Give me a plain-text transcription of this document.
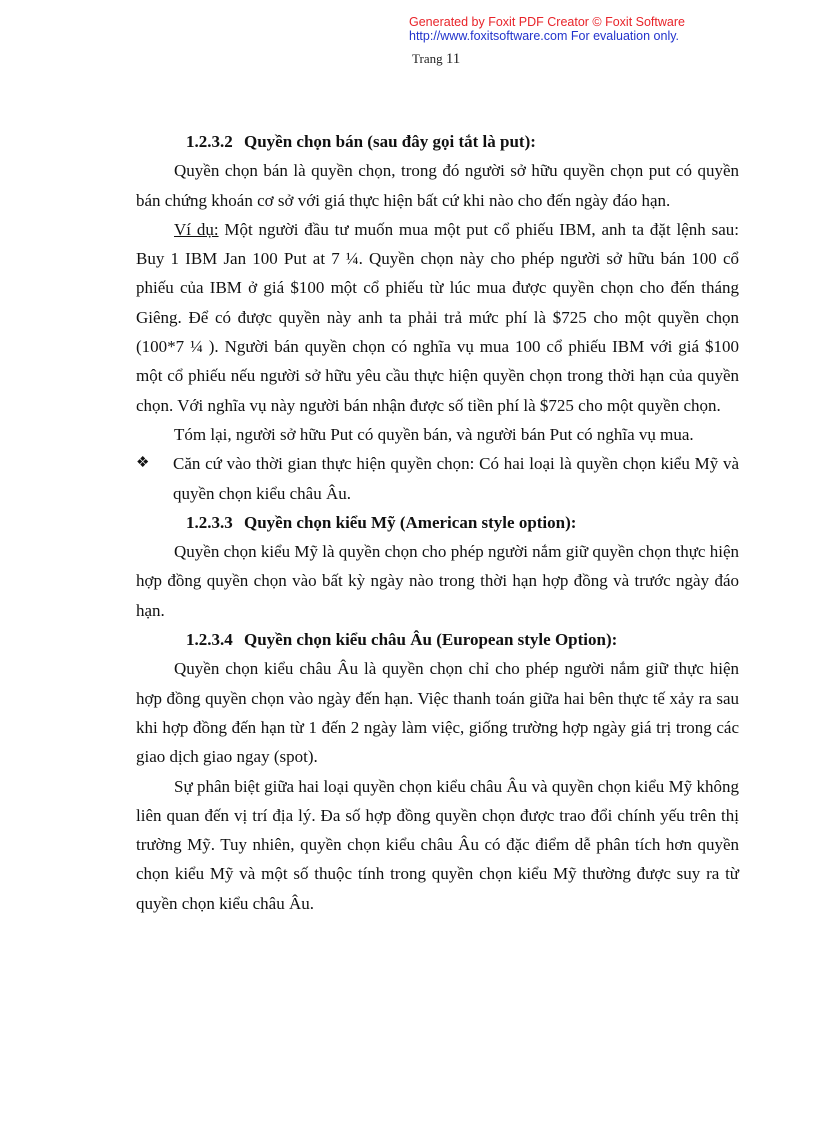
Generated by Foxit PDF Creator © Foxit Software
http://www.foxitsoftware.com For evaluation only.
Trang 11

1.2.3.2 Quyền chọn bán (sau đây gọi tắt là put):

Quyền chọn bán là quyền chọn, trong đó người sở hữu quyền chọn put có quyền bán chứng khoán cơ sở với giá thực hiện bất cứ khi nào cho đến ngày đáo hạn.

Ví dụ: Một người đầu tư muốn mua một put cổ phiếu IBM, anh ta đặt lệnh sau: Buy 1 IBM Jan 100 Put at 7 ¼. Quyền chọn này cho phép người sở hữu bán 100 cổ phiếu của IBM ở giá $100 một cổ phiếu từ lúc mua được quyền chọn cho đến tháng Giêng. Để có được quyền này anh ta phải trả mức phí là $725 cho một quyền chọn (100*7 ¼ ). Người bán quyền chọn có nghĩa vụ mua 100 cổ phiếu IBM với giá $100 một cổ phiếu nếu người sở hữu yêu cầu thực hiện quyền chọn trong thời hạn của quyền chọn. Với nghĩa vụ này người bán nhận được số tiền phí là $725 cho một quyền chọn.

Tóm lại, người sở hữu Put có quyền bán, và người bán Put có nghĩa vụ mua.

❖ Căn cứ vào thời gian thực hiện quyền chọn: Có hai loại là quyền chọn kiểu Mỹ và quyền chọn kiểu châu Âu.

1.2.3.3 Quyền chọn kiểu Mỹ (American style option):

Quyền chọn kiểu Mỹ là quyền chọn cho phép người nắm giữ quyền chọn thực hiện hợp đồng quyền chọn vào bất kỳ ngày nào trong thời hạn hợp đồng và trước ngày đáo hạn.

1.2.3.4 Quyền chọn kiểu châu Âu (European style Option):

Quyền chọn kiểu châu Âu là quyền chọn chỉ cho phép người nắm giữ thực hiện hợp đồng quyền chọn vào ngày đến hạn. Việc thanh toán giữa hai bên thực tế xảy ra sau khi hợp đồng đến hạn từ 1 đến 2 ngày làm việc, giống trường hợp ngày giá trị trong các giao dịch giao ngay (spot).

Sự phân biệt giữa hai loại quyền chọn kiểu châu Âu và quyền chọn kiểu Mỹ không liên quan đến vị trí địa lý. Đa số hợp đồng quyền chọn được trao đổi chính yếu trên thị trường Mỹ. Tuy nhiên, quyền chọn kiểu châu Âu có đặc điểm dễ phân tích hơn quyền chọn kiểu Mỹ và một số thuộc tính trong quyền chọn kiểu Mỹ thường được suy ra từ quyền chọn kiểu châu Âu.
